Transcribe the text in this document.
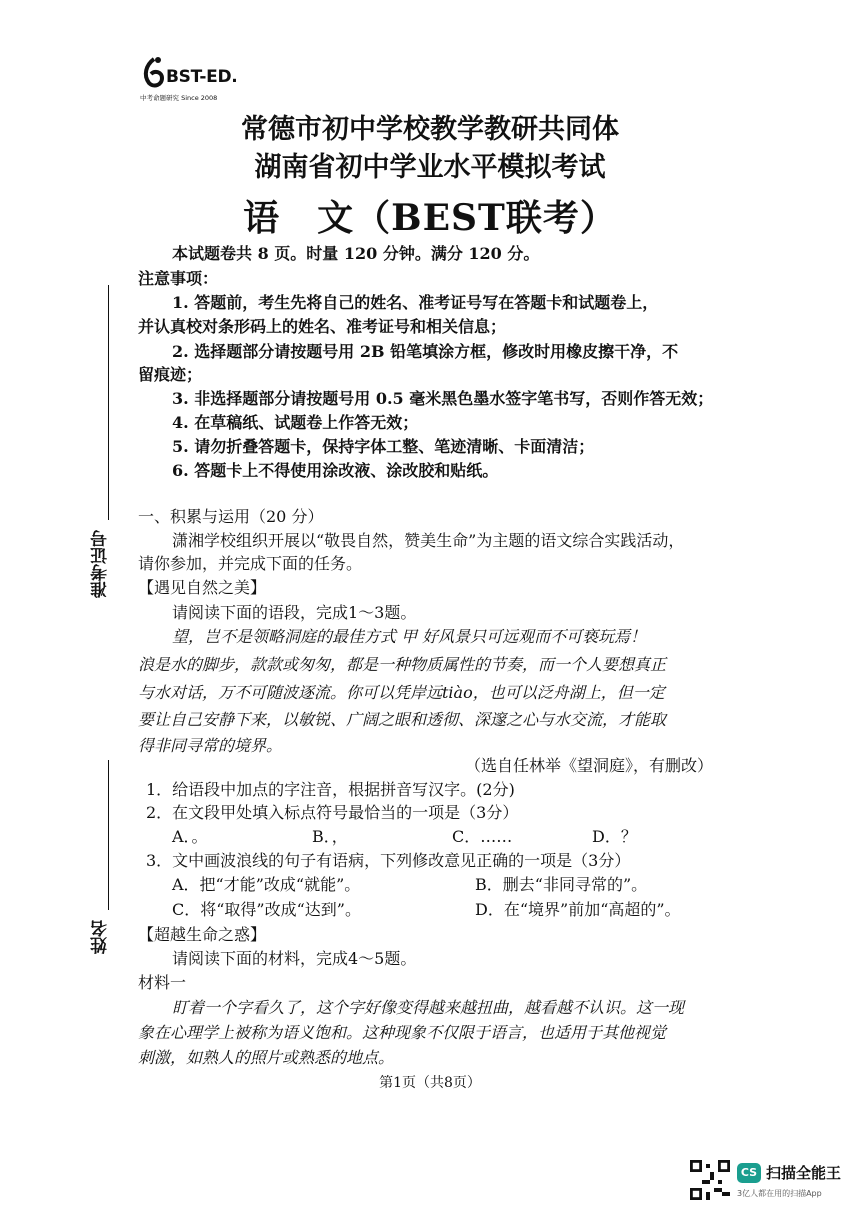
BST-ED.
中考命题研究 Since 2008
常德市初中学校教学教研共同体
湖南省初中学业水平模拟考试
语　文（BEST联考）
本试题卷共 8 页。时量 120 分钟。满分 120 分。
注意事项：
1. 答题前，考生先将自己的姓名、准考证号写在答题卡和试题卷上，
并认真校对条形码上的姓名、准考证号和相关信息；
2. 选择题部分请按题号用 2B 铅笔填涂方框，修改时用橡皮擦干净，不
留痕迹；
3. 非选择题部分请按题号用 0.5 毫米黑色墨水签字笔书写，否则作答无效；
4. 在草稿纸、试题卷上作答无效；
5. 请勿折叠答题卡，保持字体工整、笔迹清晰、卡面清洁；
6. 答题卡上不得使用涂改液、涂改胶和贴纸。
准考证号
姓名
一、积累与运用（20 分）
潇湘学校组织开展以“敬畏自然，赞美生命”为主题的语文综合实践活动，
请你参加，并完成下面的任务。
【遇见自然之美】
请阅读下面的语段，完成1～3题。
望，岂不是领略洞庭的最佳方式 甲 好风景只可远观而不可亵玩焉！
浪是水的脚步，款款或匆匆，都是一种物质属性的节奏，而一个人要想真正
与水对话，万不可随波逐流。你可以凭岸远tiào，也可以泛舟湖上，但一定
要让自己安静下来，以敏锐、广阔之眼和透彻、深邃之心与水交流，才能取
得非同寻常的境界。
（选自任林举《望洞庭》，有删改）
1．给语段中加点的字注音，根据拼音写汉字。(2分)
2．在文段甲处填入标点符号最恰当的一项是（3分）
A．。	B．，	C．……	D．？
3．文中画波浪线的句子有语病，下列修改意见正确的一项是（3分）
A．把“才能”改成“就能”。	B．删去“非同寻常的”。
C．将“取得”改成“达到”。	D．在“境界”前加“高超的”。
【超越生命之惑】
请阅读下面的材料，完成4～5题。
材料一
盯着一个字看久了，这个字好像变得越来越扭曲，越看越不认识。这一现
象在心理学上被称为语义饱和。这种现象不仅限于语言，也适用于其他视觉
刺激，如熟人的照片或熟悉的地点。
第1页（共8页）
CS 扫描全能王
3亿人都在用的扫描App
